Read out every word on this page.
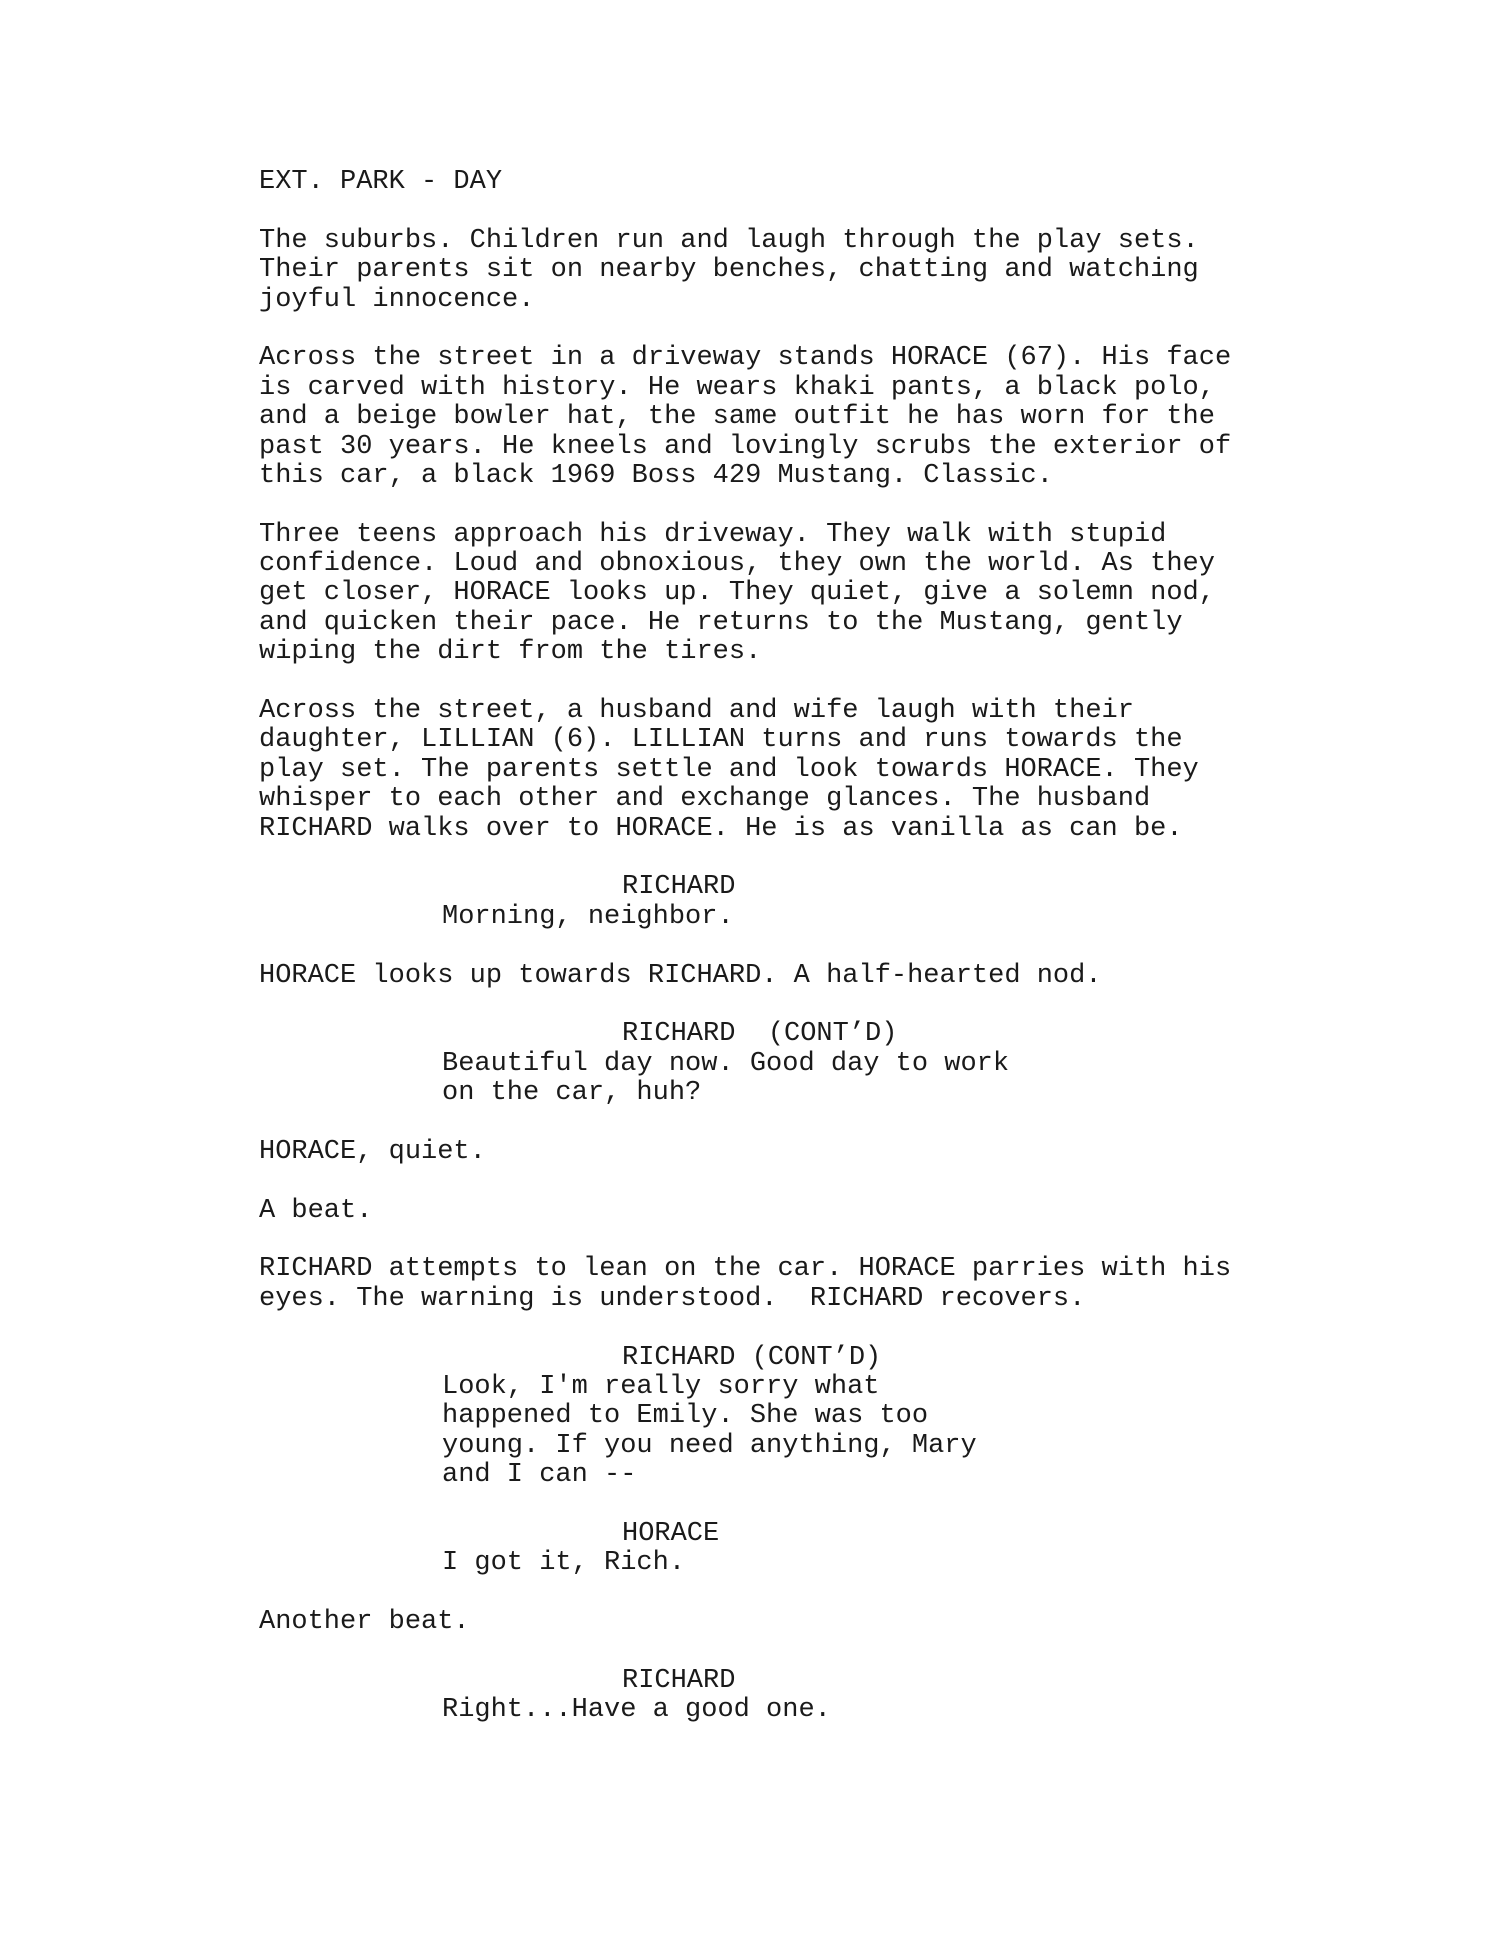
EXT. PARK - DAY
The suburbs. Children run and laugh through the play sets.
Their parents sit on nearby benches, chatting and watching
joyful innocence.
Across the street in a driveway stands HORACE (67). His face
is carved with history. He wears khaki pants, a black polo,
and a beige bowler hat, the same outfit he has worn for the
past 30 years. He kneels and lovingly scrubs the exterior of
this car, a black 1969 Boss 429 Mustang. Classic.
Three teens approach his driveway. They walk with stupid
confidence. Loud and obnoxious, they own the world. As they
get closer, HORACE looks up. They quiet, give a solemn nod,
and quicken their pace. He returns to the Mustang, gently
wiping the dirt from the tires.
Across the street, a husband and wife laugh with their
daughter, LILLIAN (6). LILLIAN turns and runs towards the
play set. The parents settle and look towards HORACE. They
whisper to each other and exchange glances. The husband
RICHARD walks over to HORACE. He is as vanilla as can be.
RICHARD
Morning, neighbor.
HORACE looks up towards RICHARD. A half-hearted nod.
RICHARD  (CONT’D)
Beautiful day now. Good day to work
on the car, huh?
HORACE, quiet.
A beat.
RICHARD attempts to lean on the car. HORACE parries with his
eyes. The warning is understood.  RICHARD recovers.
RICHARD (CONT’D)
Look, I'm really sorry what
happened to Emily. She was too
young. If you need anything, Mary
and I can --
HORACE
I got it, Rich.
Another beat.
RICHARD
Right...Have a good one.
